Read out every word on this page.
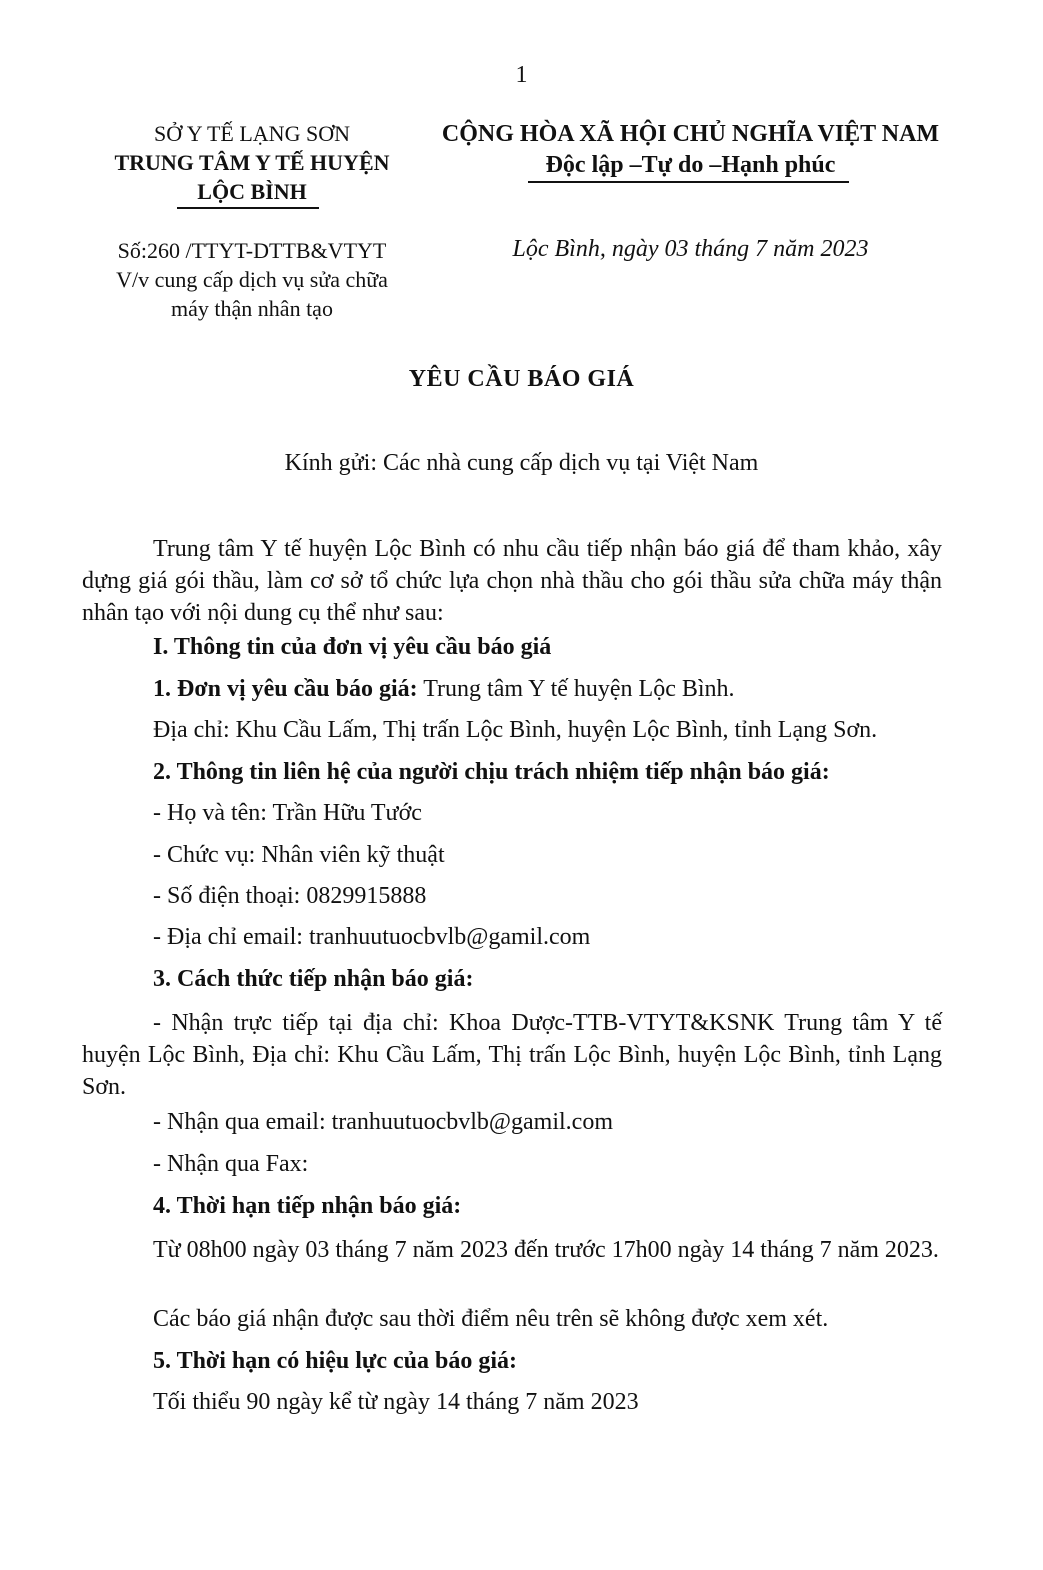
1
SỞ Y TẾ LẠNG SƠN
TRUNG TÂM Y TẾ HUYỆN
LỘC BÌNH
CỘNG HÒA XÃ HỘI CHỦ NGHĨA VIỆT NAM
Độc lập –Tự do –Hạnh phúc
Số:260 /TTYT-DTTB&VTYT
V/v cung cấp dịch vụ sửa chữa
máy thận nhân tạo
Lộc Bình, ngày 03 tháng 7 năm 2023
YÊU CẦU BÁO GIÁ
Kính gửi: Các nhà cung cấp dịch vụ tại Việt Nam
Trung tâm Y tế huyện Lộc Bình có nhu cầu tiếp nhận báo giá để tham khảo, xây dựng giá gói thầu, làm cơ sở tổ chức lựa chọn nhà thầu cho gói thầu sửa chữa máy thận nhân tạo với nội dung cụ thể như sau:
I. Thông tin của đơn vị yêu cầu báo giá
1. Đơn vị yêu cầu báo giá: Trung tâm Y tế huyện Lộc Bình.
Địa chỉ: Khu Cầu Lấm, Thị trấn Lộc Bình, huyện Lộc Bình, tỉnh Lạng Sơn.
2. Thông tin liên hệ của người chịu trách nhiệm tiếp nhận báo giá:
- Họ và tên: Trần Hữu Tước
- Chức vụ: Nhân viên kỹ thuật
- Số điện thoại: 0829915888
- Địa chỉ email: tranhuutuocbvlb@gamil.com
3. Cách thức tiếp nhận báo giá:
- Nhận trực tiếp tại địa chỉ: Khoa Dược-TTB-VTYT&KSNK Trung tâm Y tế huyện Lộc Bình, Địa chỉ: Khu Cầu Lấm, Thị trấn Lộc Bình, huyện Lộc Bình, tỉnh Lạng Sơn.
- Nhận qua email: tranhuutuocbvlb@gamil.com
- Nhận qua Fax:
4. Thời hạn tiếp nhận báo giá:
Từ 08h00 ngày 03 tháng 7 năm 2023 đến trước 17h00 ngày 14 tháng 7 năm 2023.
Các báo giá nhận được sau thời điểm nêu trên sẽ không được xem xét.
5. Thời hạn có hiệu lực của báo giá:
Tối thiểu 90 ngày kể từ ngày 14 tháng 7 năm 2023
